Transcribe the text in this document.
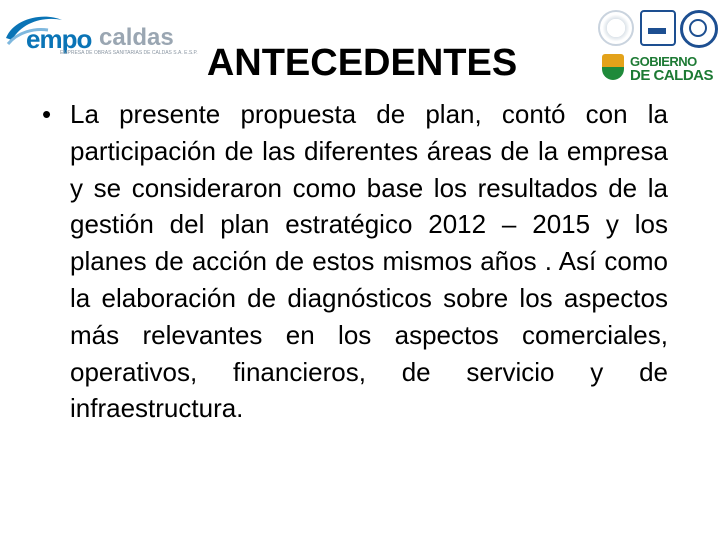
empo caldas
EMPRESA DE OBRAS SANITARIAS DE CALDAS S.A. E.S.P.
GOBIERNO
DE CALDAS
ANTECEDENTES
• La presente propuesta de plan, contó con la participación de las diferentes áreas de la empresa y se consideraron como base los resultados de la gestión del plan estratégico 2012 – 2015 y los planes de acción de estos mismos años . Así como la elaboración de diagnósticos sobre los aspectos más relevantes en los aspectos comerciales, operativos, financieros, de servicio y de infraestructura.
